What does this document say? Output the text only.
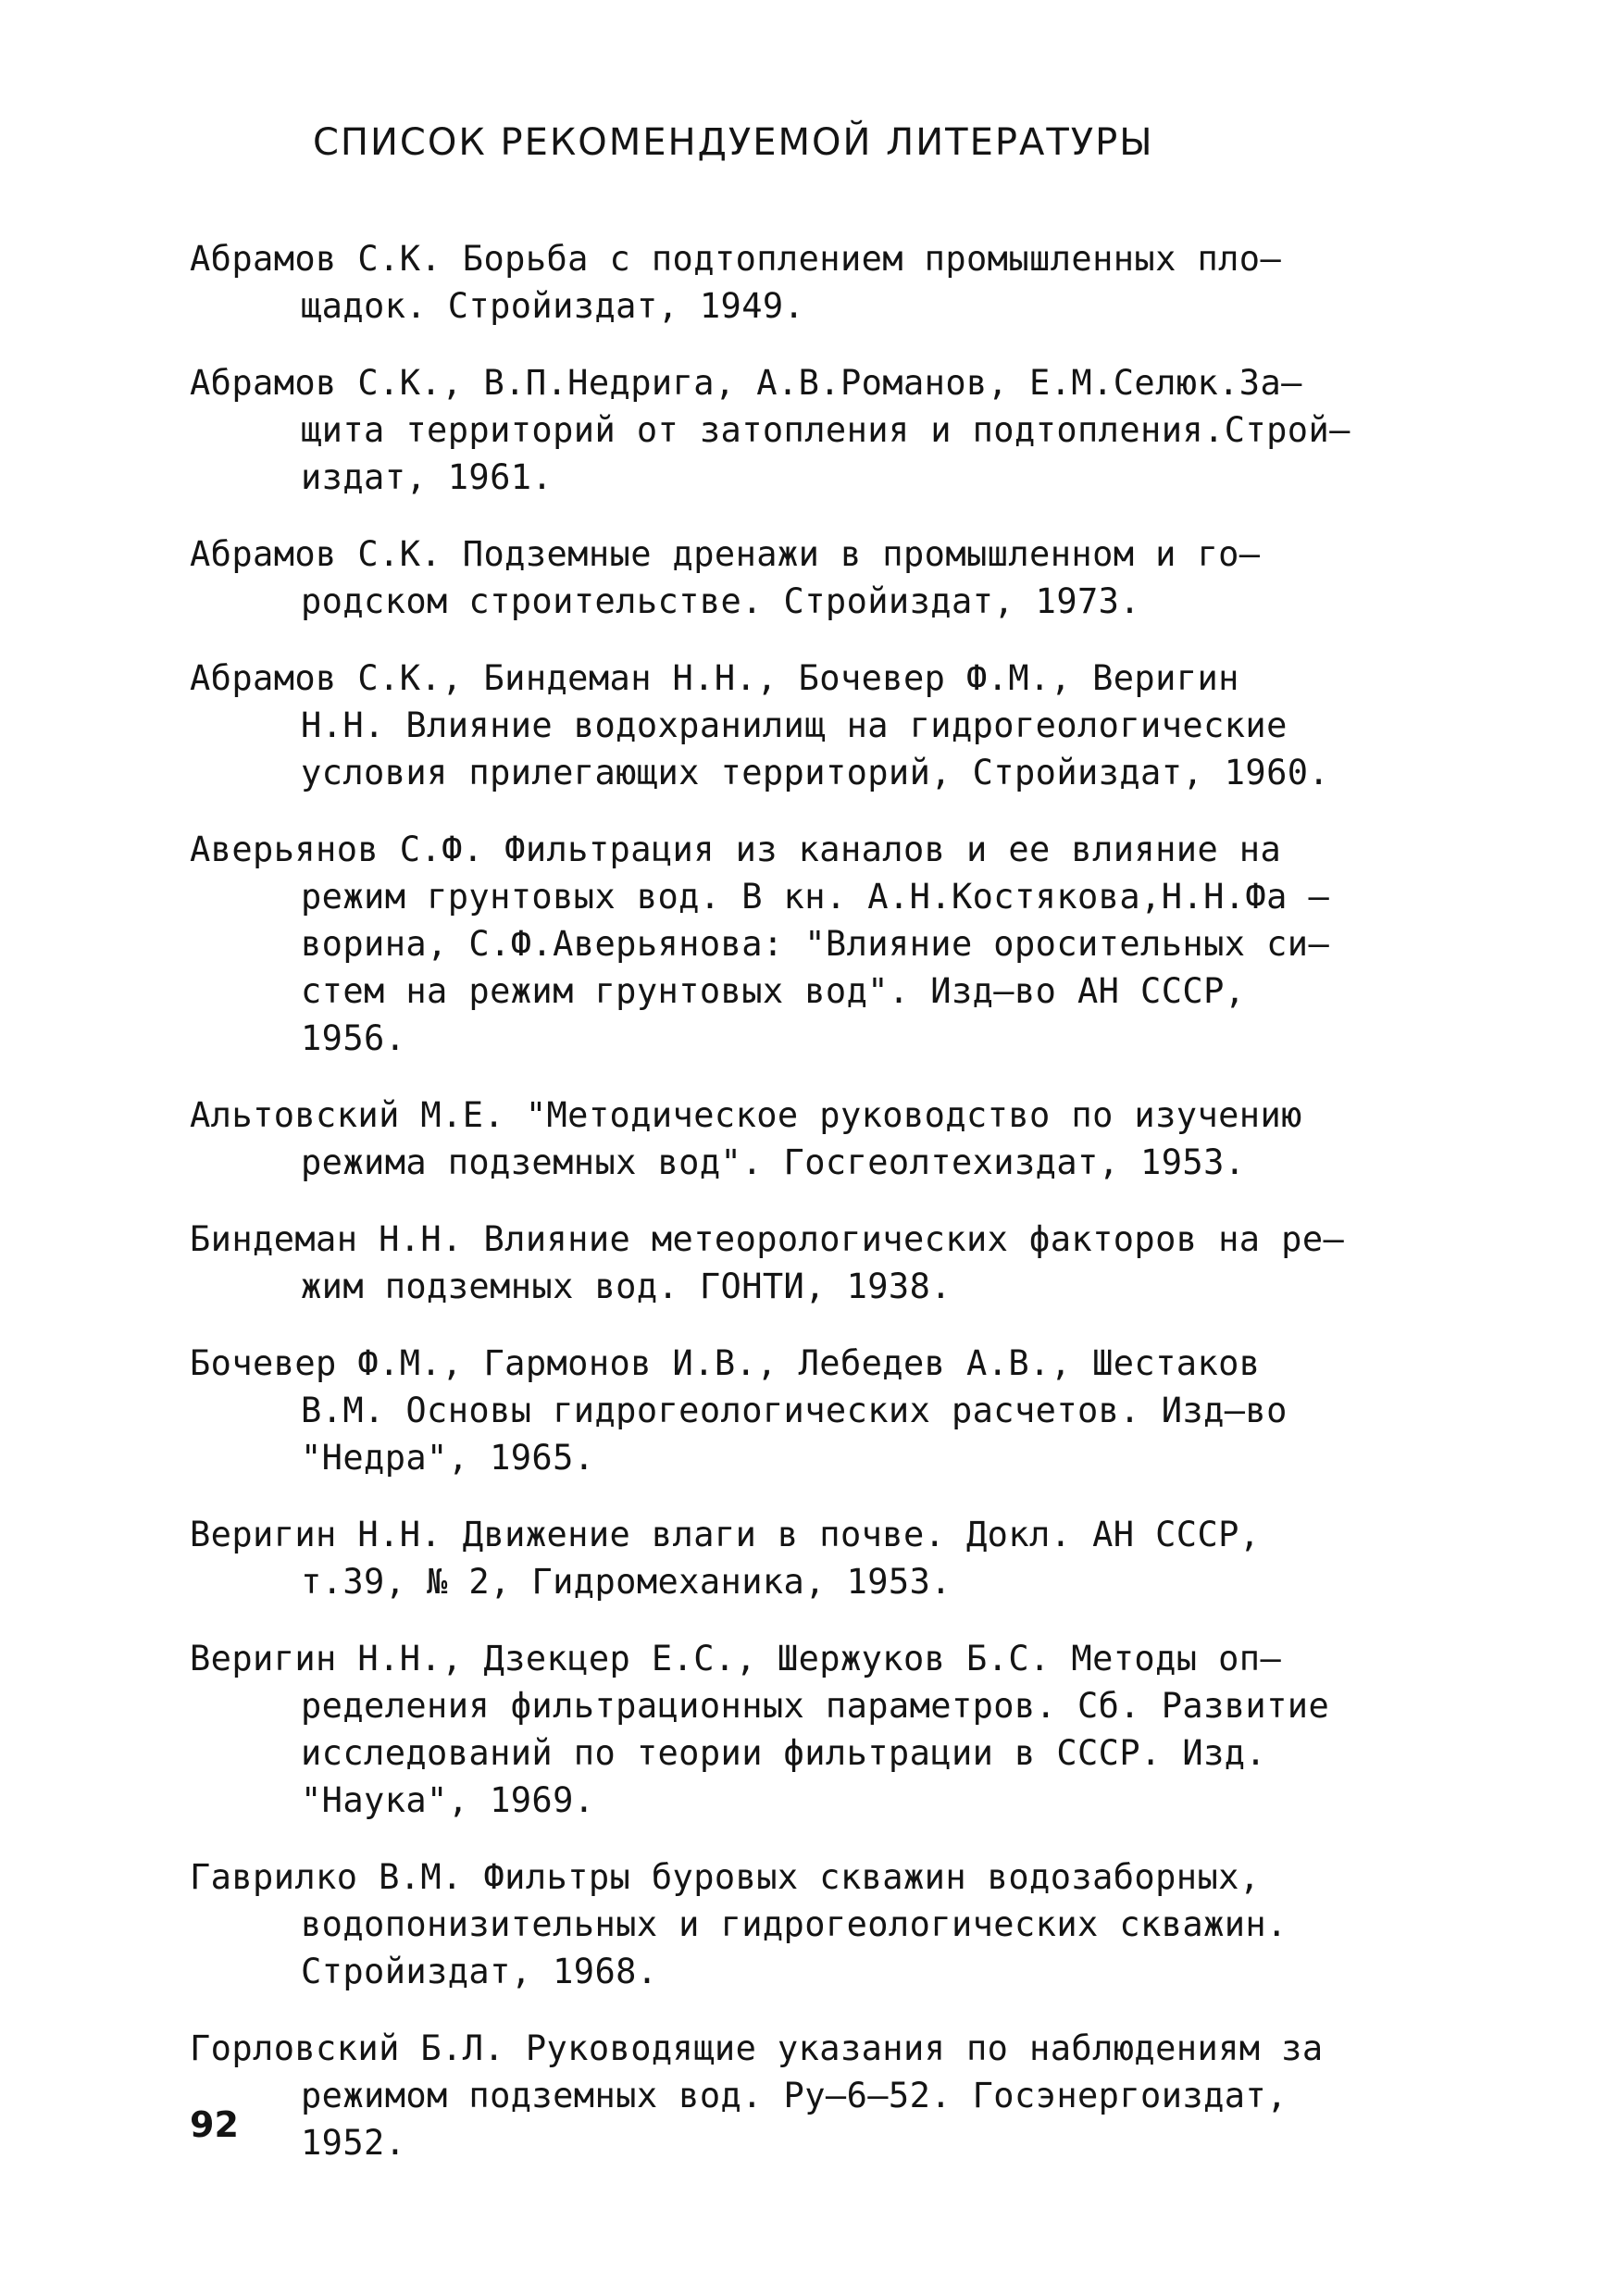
СПИСОК РЕКОМЕНДУЕМОЙ ЛИТЕРАТУРЫ
Абрамов С.К. Борьба с подтоплением промышленных пло–
щадок. Стройиздат, 1949.
Абрамов С.К., В.П.Недрига, А.В.Романов, Е.М.Селюк.За–
щита территорий от затопления и подтопления.Строй–
издат, 1961.
Абрамов С.К. Подземные дренажи в промышленном и го–
родском строительстве. Стройиздат, 1973.
Абрамов С.К., Биндеман Н.Н., Бочевер Ф.М., Веригин
Н.Н. Влияние водохранилищ на гидрогеологические
условия прилегающих территорий, Стройиздат, 1960.
Аверьянов С.Ф. Фильтрация из каналов и ее влияние на
режим грунтовых вод. В кн. А.Н.Костякова,Н.Н.Фа –
ворина, С.Ф.Аверьянова: "Влияние оросительных си–
стем на режим грунтовых вод". Изд–во АН СССР,
1956.
Альтовский М.Е. "Методическое руководство по изучению
режима подземных вод". Госгеолтехиздат, 1953.
Биндеман Н.Н. Влияние метеорологических факторов на ре–
жим подземных вод. ГОНТИ, 1938.
Бочевер Ф.М., Гармонов И.В., Лебедев А.В., Шестаков
В.М. Основы гидрогеологических расчетов. Изд–во
"Недра", 1965.
Веригин Н.Н. Движение влаги в почве. Докл. АН СССР,
т.39, № 2, Гидромеханика, 1953.
Веригин Н.Н., Дзекцер Е.С., Шержуков Б.С. Методы оп–
ределения фильтрационных параметров. Сб. Развитие
исследований по теории фильтрации в СССР. Изд.
"Наука", 1969.
Гаврилко В.М. Фильтры буровых скважин водозаборных,
водопонизительных и гидрогеологических скважин.
Стройиздат, 1968.
Горловский Б.Л. Руководящие указания по наблюдениям за
режимом подземных вод. Ру–6–52. Госэнергоиздат,
1952.
92
